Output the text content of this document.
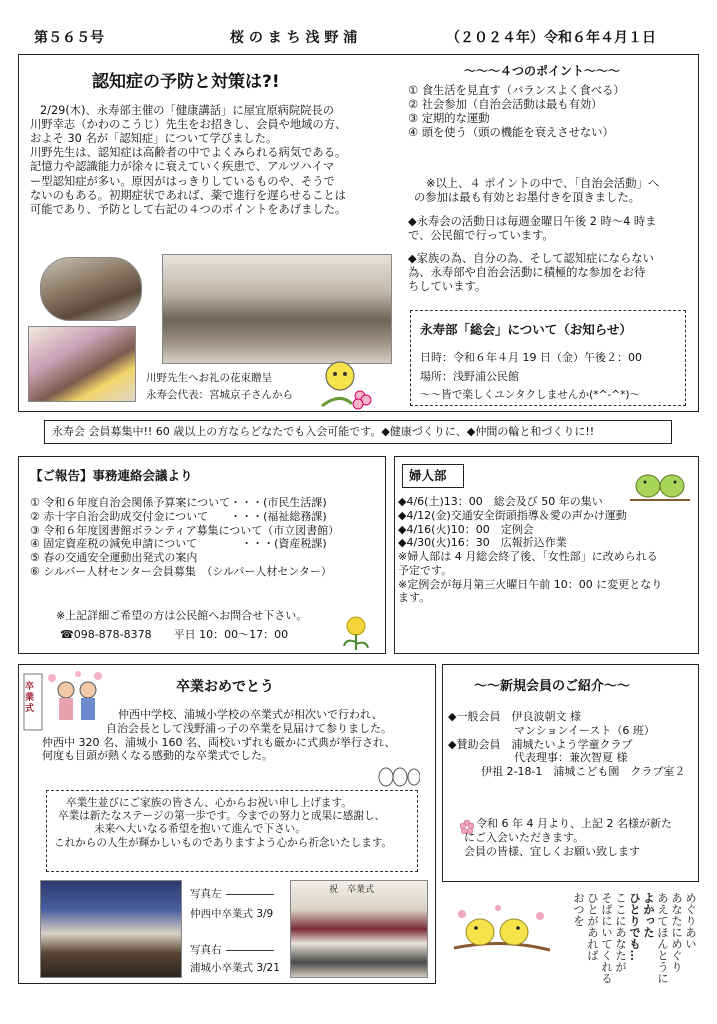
第５６５号	桜 の ま ち 浅 野 浦	（２０２４年）令和６年４月１日
認知症の予防と対策は?!
2/29(木)、永寿部主催の「健康講話」に屋宜原病院院長の
川野幸志（かわのこうじ）先生をお招きし、会員や地域の方、
およそ 30 名が「認知症」について学びました。
川野先生は、認知症は高齢者の中でよくみられる病気である。
記憶力や認識能力が徐々に衰えていく疾患で、アルツハイマ
ー型認知症が多い。原因がはっきりしているものや、そうで
ないのもある。初期症状であれば、薬で進行を遅らせることは
可能であり、予防として右記の４つのポイントをあげました。
川野先生へお礼の花束贈呈
永寿会代表：宮城京子さんから
～～～４つのポイント～～～
① 食生活を見直す（バランスよく食べる）
② 社会参加（自治会活動は最も有効）
③ 定期的な運動
④ 頭を使う（頭の機能を衰えさせない）
※以上、４ ポイントの中で、「自治会活動」へ
の参加は最も有効とお墨付きを頂きました。
◆永寿会の活動日は毎週金曜日午後 2 時～4 時ま
で、公民館で行っています。
◆家族の為、自分の為、そして認知症にならない
為、永寿部や自治会活動に積極的な参加をお待
ちしています。
永寿部「総会」について（お知らせ）
日時：令和６年４月 19 日（金）午後２：00
場所：浅野浦公民館
～～皆で楽しくユンタクしませんか(*^-^*)～
永寿会 会員募集中!! 60 歳以上の方ならどなたでも入会可能です。◆健康づくりに、◆仲間の輪と和づくりに!!
【ご報告】事務連絡会議より
① 令和６年度自治会関係予算案について・・・(市民生活課)
② 赤十字自治会助成交付金について　　・・・(福祉総務課)
③ 令和６年度図書館ボランティア募集について（市立図書館）
④ 固定資産税の減免申請について　　　　・・・(資産税課)
⑤ 春の交通安全運動出発式の案内
⑥ シルバー人材センター会員募集　（シルバー人材センター）
※上記詳細ご希望の方は公民館へお問合せ下さい。
☎098-878-8378　　平日 10：00～17：00
婦人部
◆4/6(土)13：00　総会及び 50 年の集い
◆4/12(金)交通安全街頭指導＆愛の声かけ運動
◆4/16(火)10：00　定例会
◆4/30(火)16：30　広報折込作業
※婦人部は 4 月総会終了後、「女性部」に改められる
予定です。
※定例会が毎月第三火曜日午前 10：00 に変更となり
ます。
卒業式
卒業おめでとう
仲西中学校、浦城小学校の卒業式が相次いで行われ、
自治会長として浅野浦っ子の卒業を見届けて参りました。
仲西中 320 名、浦城小 160 名、両校いずれも厳かに式典が挙行され、
何度も目頭が熱くなる感動的な卒業式でした。
卒業生並びにご家族の皆さん、心からお祝い申し上げます。
卒業は新たなステージの第一歩です。今までの努力と成果に感謝し、
未来へ大いなる希望を抱いて進んで下さい。
これからの人生が輝かしいものでありますよう心から祈念いたします。
写真左
仲西中卒業式 3/9
写真右
浦城小卒業式 3/21
祝　卒業式
～～新規会員のご紹介～～
◆一般会員　伊良波朝文 様
　　　　　　マンションイースト（6 班）
◆賛助会員　浦城たいよう学童クラブ
　　　　　　代表理事：兼次智夏 様
　　　伊祖 2-18-1　浦城こども園　クラブ室２
令和 6 年 4 月より、上記 2 名様が新た
にご入会いただきます。
会員の皆様、宜しくお願い致します
めぐりあい
あなたにめぐり
あえてほんとうに
よかった
ひとりでも…
ここにあなたが
そばにいてくれる
ひとがあれば
おつを
